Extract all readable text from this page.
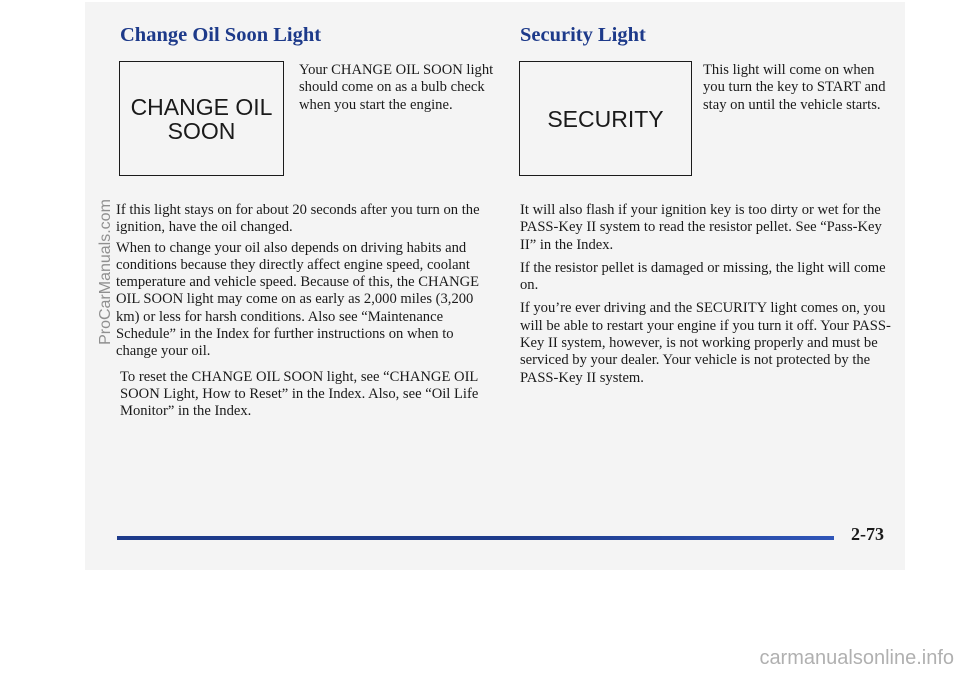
Change Oil Soon Light
CHANGE OIL
SOON

Your CHANGE OIL SOON light should come on as a bulb check when you start the engine.

If this light stays on for about 20 seconds after you turn on the ignition, have the oil changed.

When to change your oil also depends on driving habits and conditions because they directly affect engine speed, coolant temperature and vehicle speed. Because of this, the CHANGE OIL SOON light may come on as early as 2,000 miles (3,200 km) or less for harsh conditions. Also see “Maintenance Schedule” in the Index for further instructions on when to change your oil.

To reset the CHANGE OIL SOON light, see “CHANGE OIL SOON Light, How to Reset” in the Index. Also, see “Oil Life Monitor” in the Index.

Security Light
SECURITY

This light will come on when you turn the key to START and stay on until the vehicle starts.

It will also flash if your ignition key is too dirty or wet for the PASS-Key II system to read the resistor pellet. See “Pass-Key II” in the Index.

If the resistor pellet is damaged or missing, the light will come on.

If you’re ever driving and the SECURITY light comes on, you will be able to restart your engine if you turn it off. Your PASS-Key II system, however, is not working properly and must be serviced by your dealer. Your vehicle is not protected by the PASS-Key II system.

2-73
ProCarManuals.com
carmanualsonline.info
